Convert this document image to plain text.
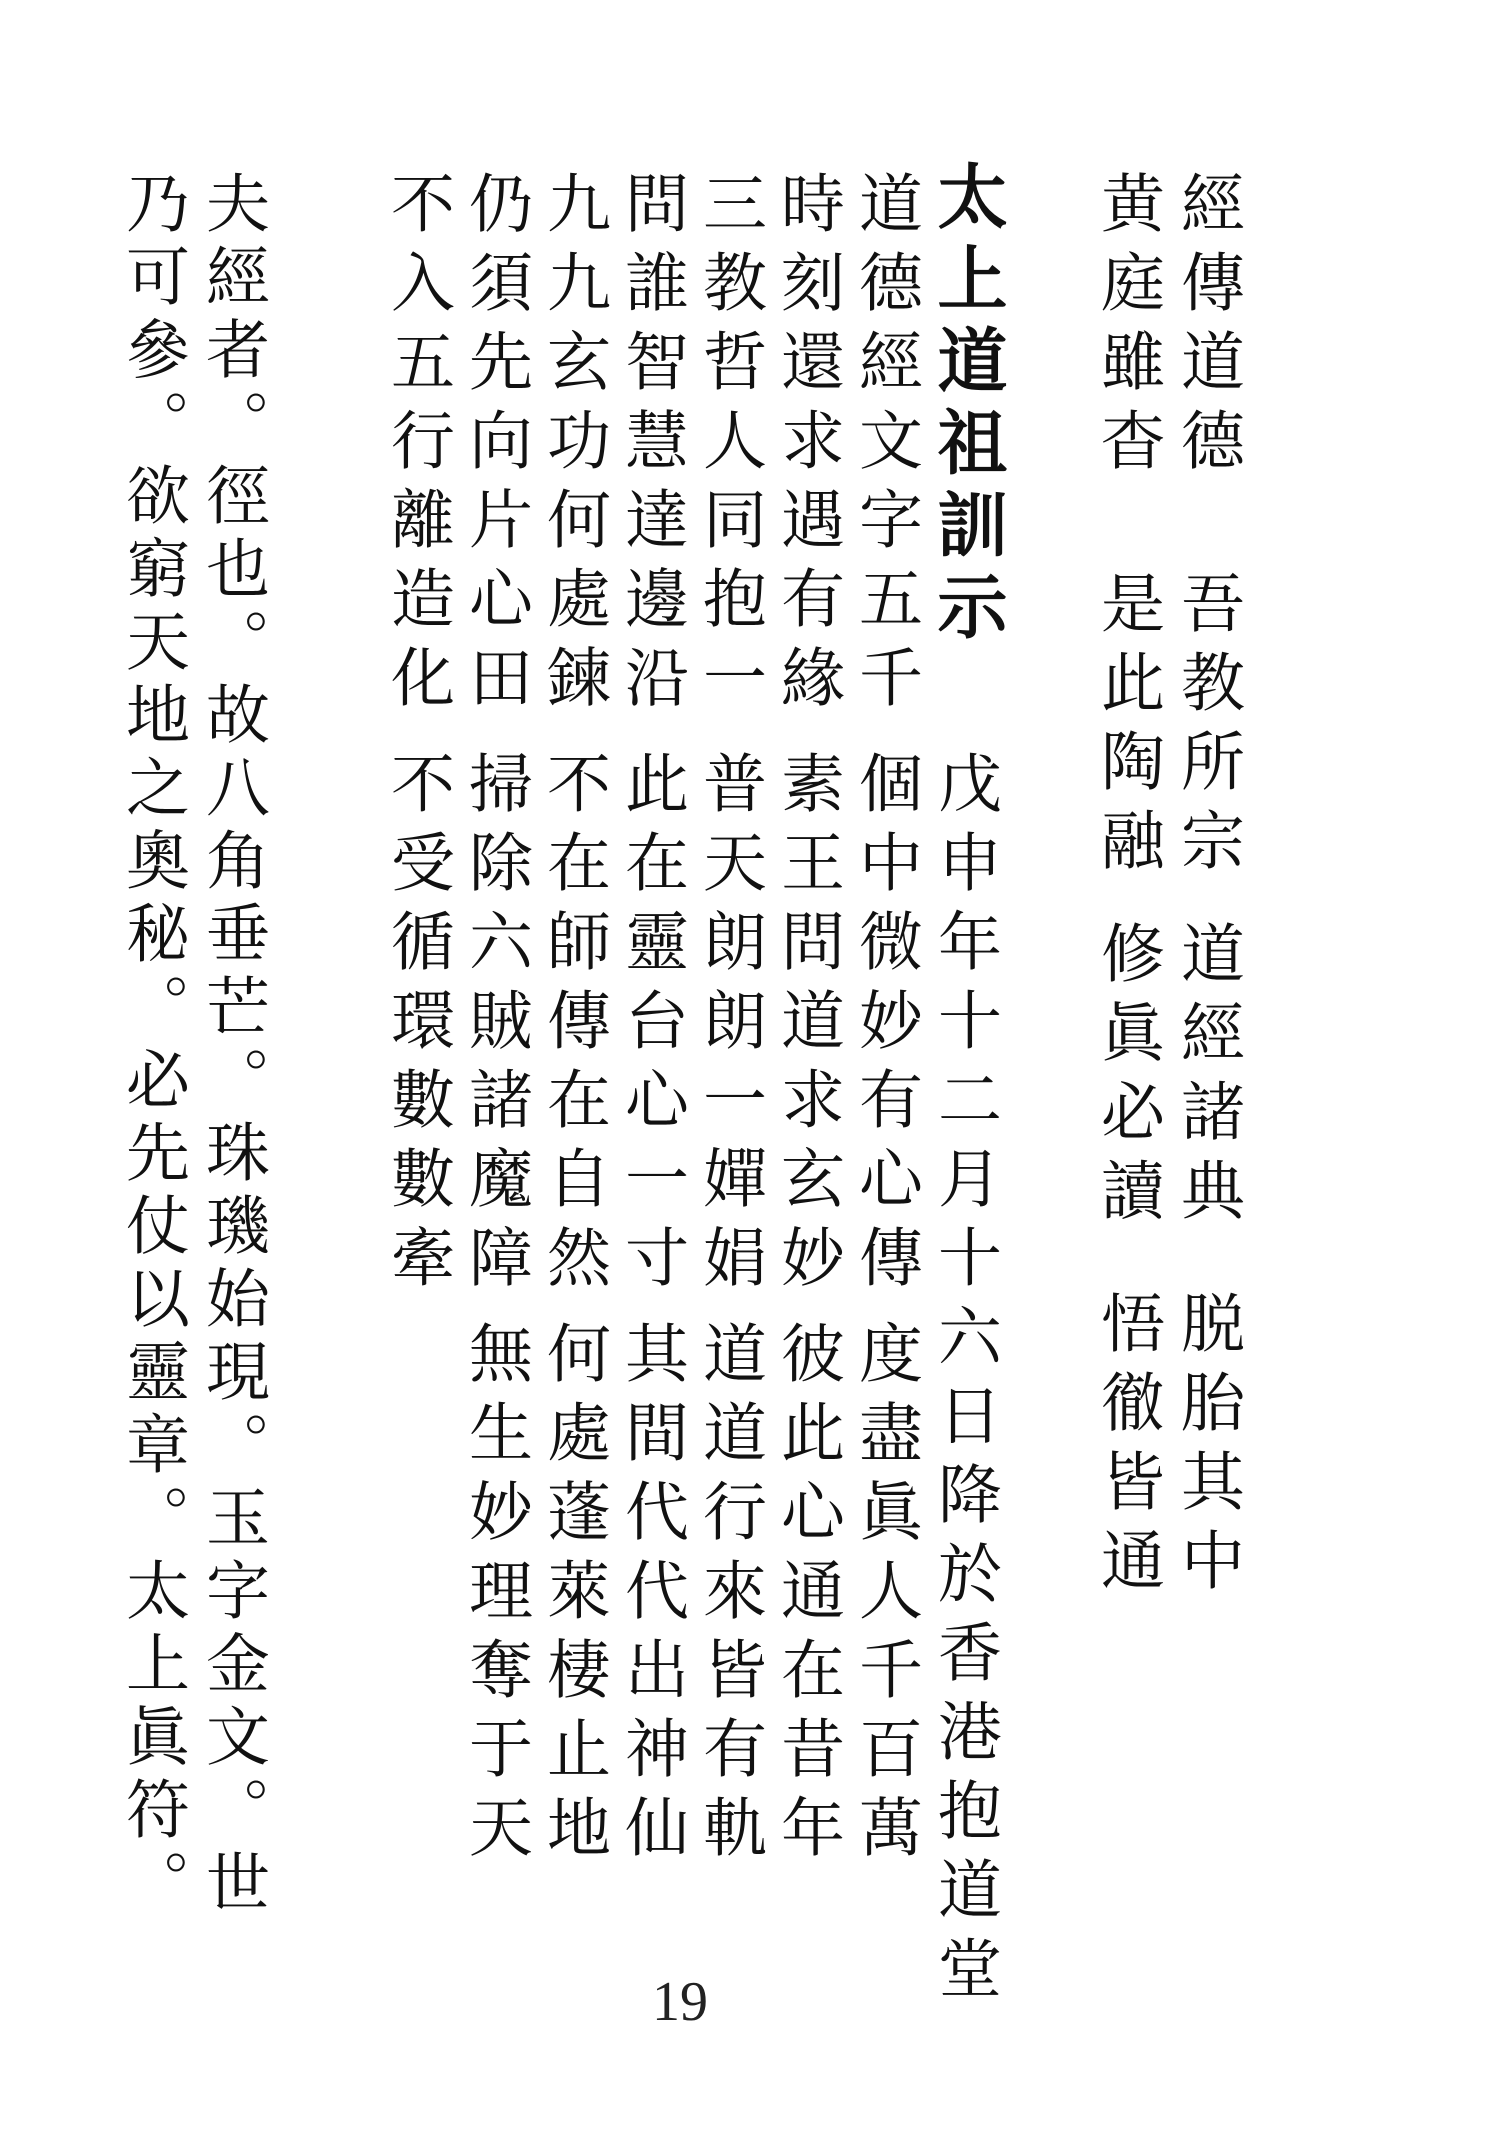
經傳道德
吾教所宗
道經諸典
脱胎其中
黄庭雖杳
是此陶融
修眞必讀
悟徹皆通
太上道祖訓示
戊申年十二月十六日降於香港抱道堂
道德經文字五千
時刻還求遇有緣
三教哲人同抱一
問誰智慧達邊沿
九九玄功何處鍊
仍須先向片心田
不入五行離造化
個中微妙有心傳
素王問道求玄妙
普天朗朗一嬋娟
此在靈台心一寸
不在師傳在自然
掃除六賊諸魔障
不受循環數數牽
度盡眞人千百萬
彼此心通在昔年
道道行來皆有軌
其間代代出神仙
何處蓬萊棲止地
無生妙理奪于天
夫經者。徑也。故八角垂芒。珠璣始現。玉字金文。世
乃可參。欲窮天地之奧秘。必先仗以靈章。太上眞符。
19
